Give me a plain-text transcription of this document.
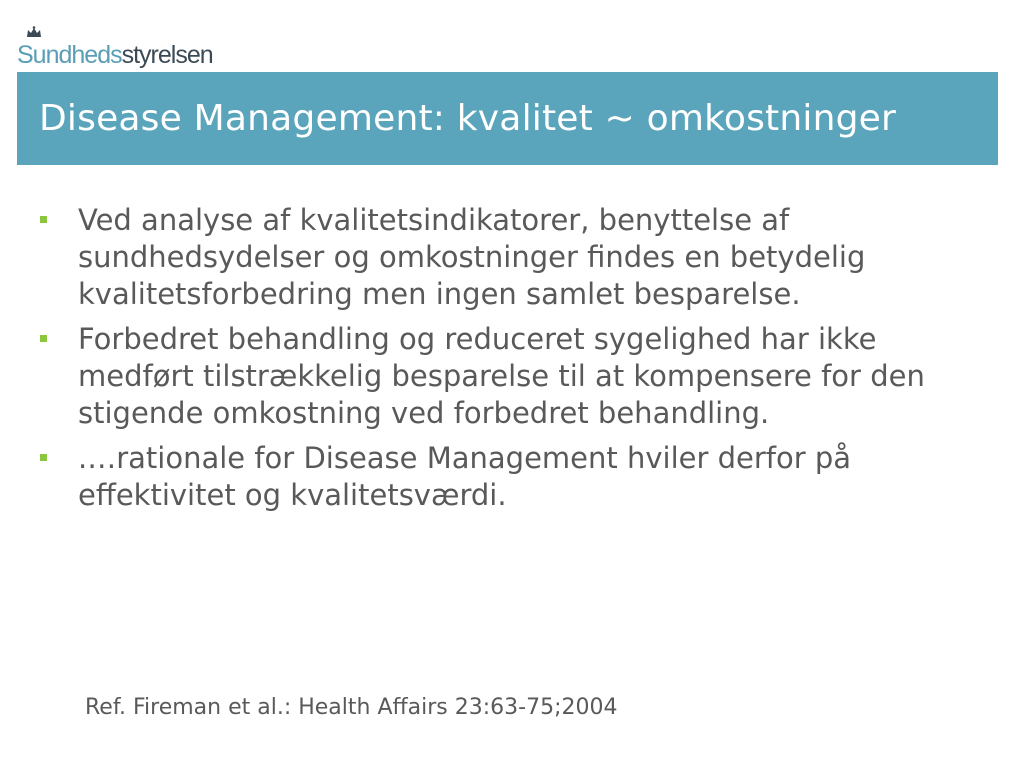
Sundhedsstyrelsen
Disease Management: kvalitet ~ omkostninger
Ved analyse af kvalitetsindikatorer, benyttelse af sundhedsydelser og omkostninger findes en betydelig kvalitetsforbedring men ingen samlet besparelse.
Forbedret behandling og reduceret sygelighed har ikke medført tilstrækkelig besparelse til at kompensere for den stigende omkostning ved forbedret behandling.
.…rationale for Disease Management hviler derfor på effektivitet og kvalitetsværdi.

Ref. Fireman et al.: Health Affairs 23:63-75;2004
